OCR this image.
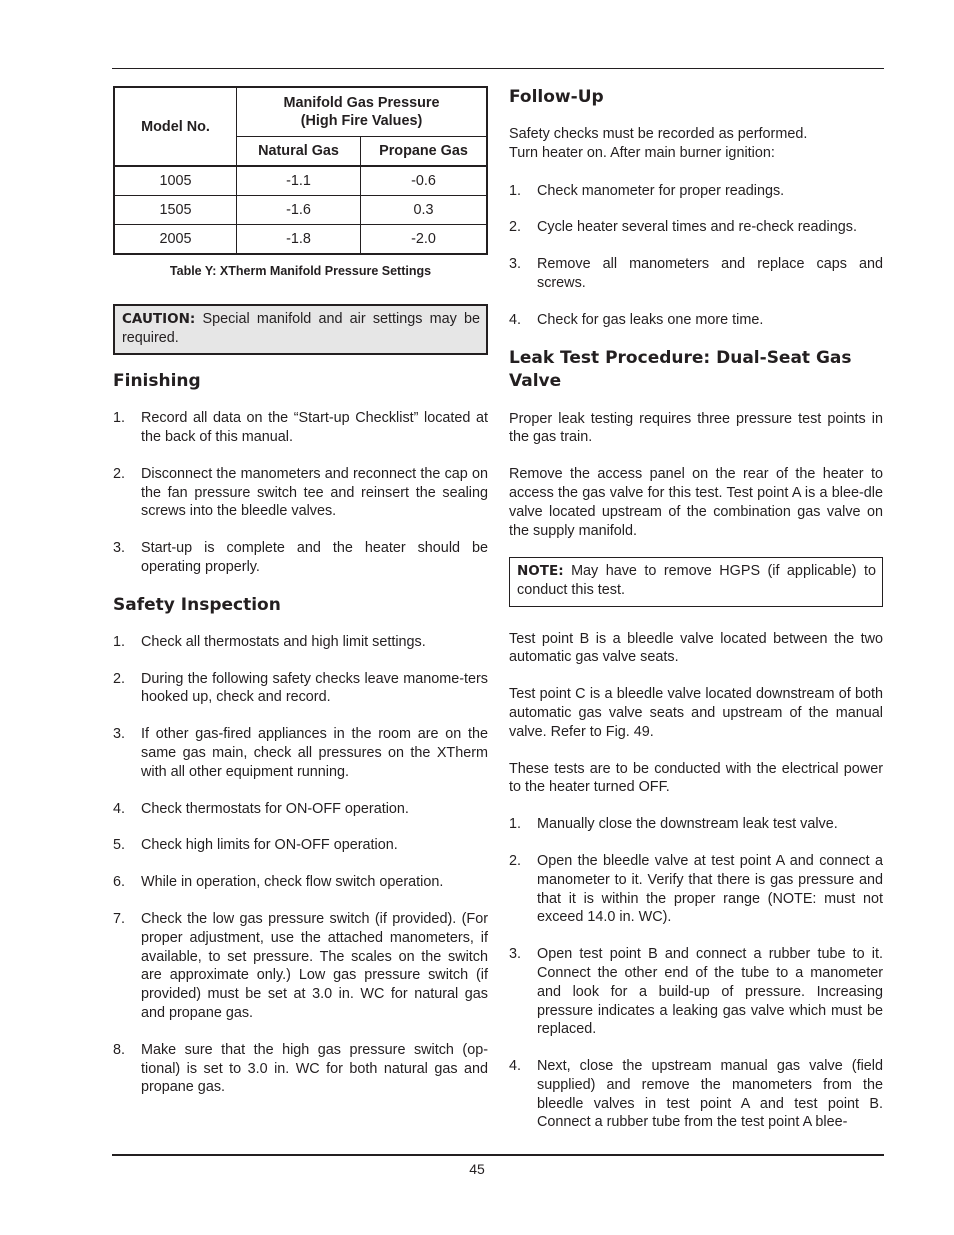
Model No.	Manifold Gas Pressure
(High Fire Values)	

	Natural Gas	Propane Gas
1005	-1.1	-0.6
1505	-1.6	0.3
2005	-1.8	-2.0
Table Y: XTherm Manifold Pressure Settings
CAUTION: Special manifold and air settings may be required.
Finishing
1. Record all data on the “Start-up Checklist” located at the back of this manual.
2. Disconnect the manometers and reconnect the cap on the fan pressure switch tee and reinsert the sealing screws into the bleedle valves.
3. Start-up is complete and the heater should be operating properly.
Safety Inspection
1. Check all thermostats and high limit settings.
2. During the following safety checks leave manome-ters hooked up, check and record.
3. If other gas-fired appliances in the room are on the same gas main, check all pressures on the XTherm with all other equipment running.
4. Check thermostats for ON-OFF operation.
5. Check high limits for ON-OFF operation.
6. While in operation, check flow switch operation.
7. Check the low gas pressure switch (if provided). (For proper adjustment, use the attached manometers, if available, to set pressure. The scales on the switch are approximate only.) Low gas pressure switch (if provided) must be set at 3.0 in. WC for natural gas and propane gas.
8. Make sure that the high gas pressure switch (op-tional) is set to 3.0 in. WC for both natural gas and propane gas.
Follow-Up

Safety checks must be recorded as performed.
Turn heater on. After main burner ignition:

1. Check manometer for proper readings.
2. Cycle heater several times and re-check readings.
3. Remove all manometers and replace caps and screws.
4. Check for gas leaks one more time.
Leak Test Procedure: Dual-Seat Gas Valve

Proper leak testing requires three pressure test points in the gas train.

Remove the access panel on the rear of the heater to access the gas valve for this test. Test point A is a blee-dle valve located upstream of the combination gas valve on the supply manifold.

NOTE: May have to remove HGPS (if applicable) to conduct this test.

Test point B is a bleedle valve located between the two automatic gas valve seats.

Test point C is a bleedle valve located downstream of both automatic gas valve seats and upstream of the manual valve. Refer to Fig. 49.

These tests are to be conducted with the electrical power to the heater turned OFF.

1. Manually close the downstream leak test valve.
2. Open the bleedle valve at test point A and connect a manometer to it. Verify that there is gas pressure and that it is within the proper range (NOTE: must not exceed 14.0 in. WC).
3. Open test point B and connect a rubber tube to it. Connect the other end of the tube to a manometer and look for a build-up of pressure. Increasing pressure indicates a leaking gas valve which must be replaced.
4. Next, close the upstream manual gas valve (field supplied) and remove the manometers from the bleedle valves in test point A and test point B. Connect a rubber tube from the test point A blee-
45
